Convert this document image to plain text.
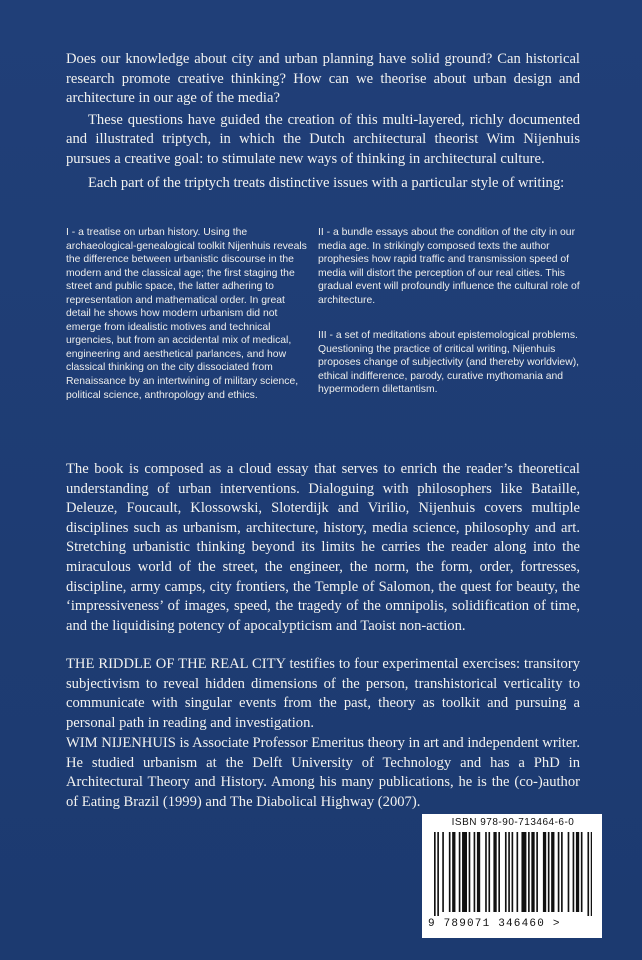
Does our knowledge about city and urban planning have solid ground? Can historical research promote creative thinking? How can we theorise about urban design and architecture in our age of the media?

These questions have guided the creation of this multi-layered, richly documented and illustrated triptych, in which the Dutch architectural theorist Wim Nijenhuis pursues a creative goal: to stimulate new ways of thinking in architectural culture.

Each part of the triptych treats distinctive issues with a particular style of writing:

I - a treatise on urban history. Using the archaeological-genealogical toolkit Nijenhuis reveals the difference between urbanistic discourse in the modern and the classical age; the first staging the street and public space, the latter adhering to representation and mathematical order. In great detail he shows how modern urbanism did not emerge from idealistic motives and technical urgencies, but from an accidental mix of medical, engineering and aesthetical parlances, and how classical thinking on the city dissociated from Renaissance by an intertwining of military science, political science, anthropology and ethics.

II - a bundle essays about the condition of the city in our media age. In strikingly composed texts the author prophesies how rapid traffic and transmission speed of media will distort the perception of our real cities. This gradual event will profoundly influence the cultural role of architecture.

III - a set of meditations about epistemological problems. Questioning the practice of critical writing, Nijenhuis proposes change of subjectivity (and thereby worldview), ethical indifference, parody, curative mythomania and hypermodern dilettantism.

The book is composed as a cloud essay that serves to enrich the reader’s theoretical understanding of urban interventions. Dialoguing with philosophers like Bataille, Deleuze, Foucault, Klossowski, Sloterdijk and Virilio, Nijenhuis covers multiple disciplines such as urbanism, architecture, history, media science, philosophy and art. Stretching urbanistic thinking beyond its limits he carries the reader along into the miraculous world of the street, the engineer, the norm, the form, order, fortresses, discipline, army camps, city frontiers, the Temple of Salomon, the quest for beauty, the ‘impressiveness’ of images, speed, the tragedy of the omnipolis, solidification of time, and the liquidising potency of apocalypticism and Taoist non-action.

THE RIDDLE OF THE REAL CITY testifies to four experimental exercises: transitory subjectivism to reveal hidden dimensions of the person, transhistorical verticality to communicate with singular events from the past, theory as toolkit and pursuing a personal path in reading and investigation.

WIM NIJENHUIS is Associate Professor Emeritus theory in art and independent writer. He studied urbanism at the Delft University of Technology and has a PhD in Architectural Theory and History. Among his many publications, he is the (co-)author of Eating Brazil (1999) and The Diabolical Highway (2007).

ISBN 978-90-713464-6-0
9 789071 346460 >
